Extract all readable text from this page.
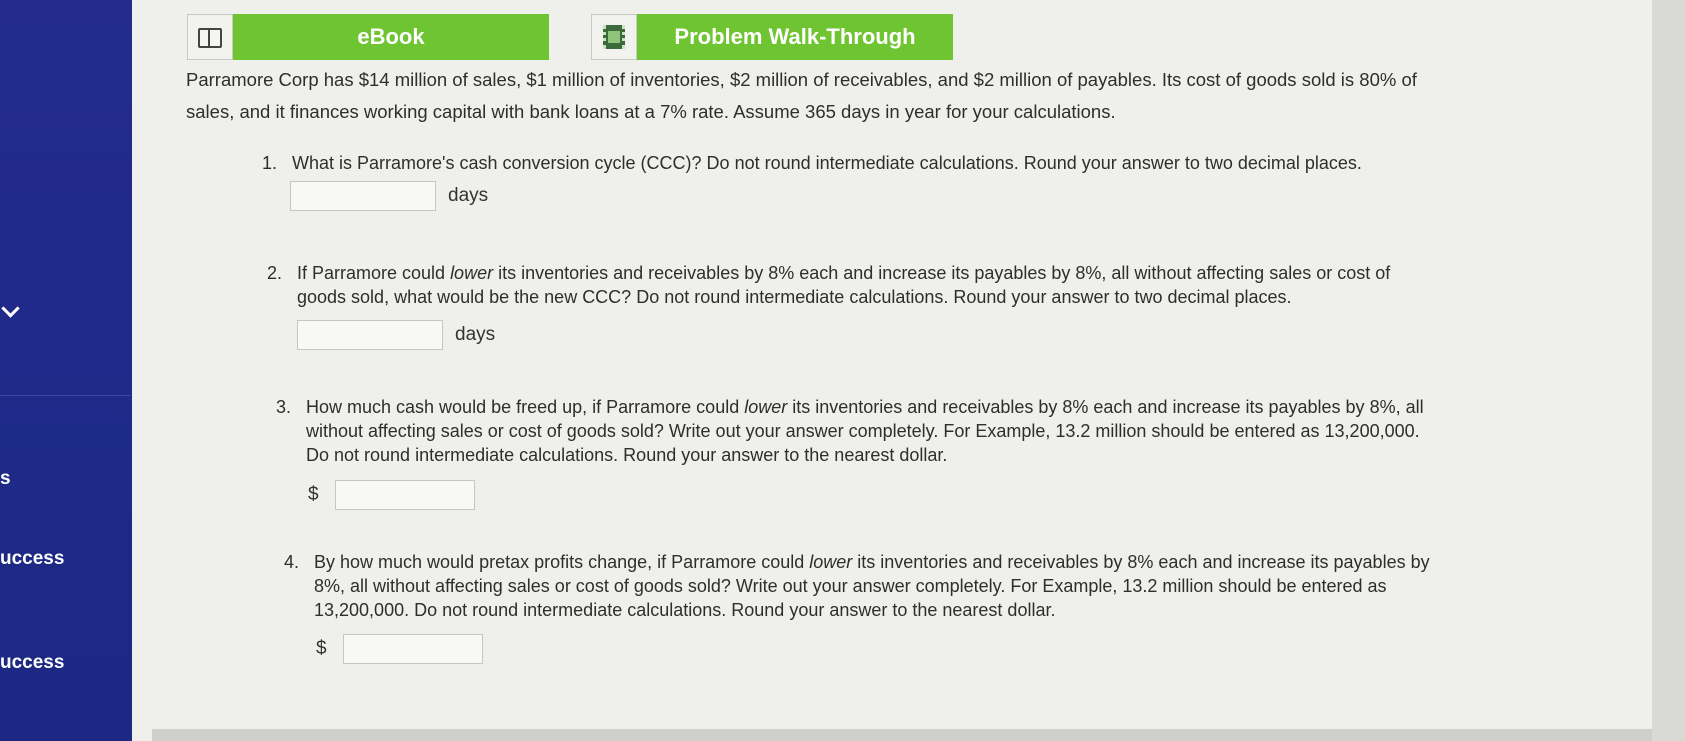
s
uccess
uccess
eBook	Problem Walk-Through
Parramore Corp has $14 million of sales, $1 million of inventories, $2 million of receivables, and $2 million of payables. Its cost of goods sold is 80% of
sales, and it finances working capital with bank loans at a 7% rate. Assume 365 days in year for your calculations.
1. What is Parramore's cash conversion cycle (CCC)? Do not round intermediate calculations. Round your answer to two decimal places.
days
2. If Parramore could lower its inventories and receivables by 8% each and increase its payables by 8%, all without affecting sales or cost of
goods sold, what would be the new CCC? Do not round intermediate calculations. Round your answer to two decimal places.
days
3. How much cash would be freed up, if Parramore could lower its inventories and receivables by 8% each and increase its payables by 8%, all
without affecting sales or cost of goods sold? Write out your answer completely. For Example, 13.2 million should be entered as 13,200,000.
Do not round intermediate calculations. Round your answer to the nearest dollar.
$
4. By how much would pretax profits change, if Parramore could lower its inventories and receivables by 8% each and increase its payables by
8%, all without affecting sales or cost of goods sold? Write out your answer completely. For Example, 13.2 million should be entered as
13,200,000. Do not round intermediate calculations. Round your answer to the nearest dollar.
$
